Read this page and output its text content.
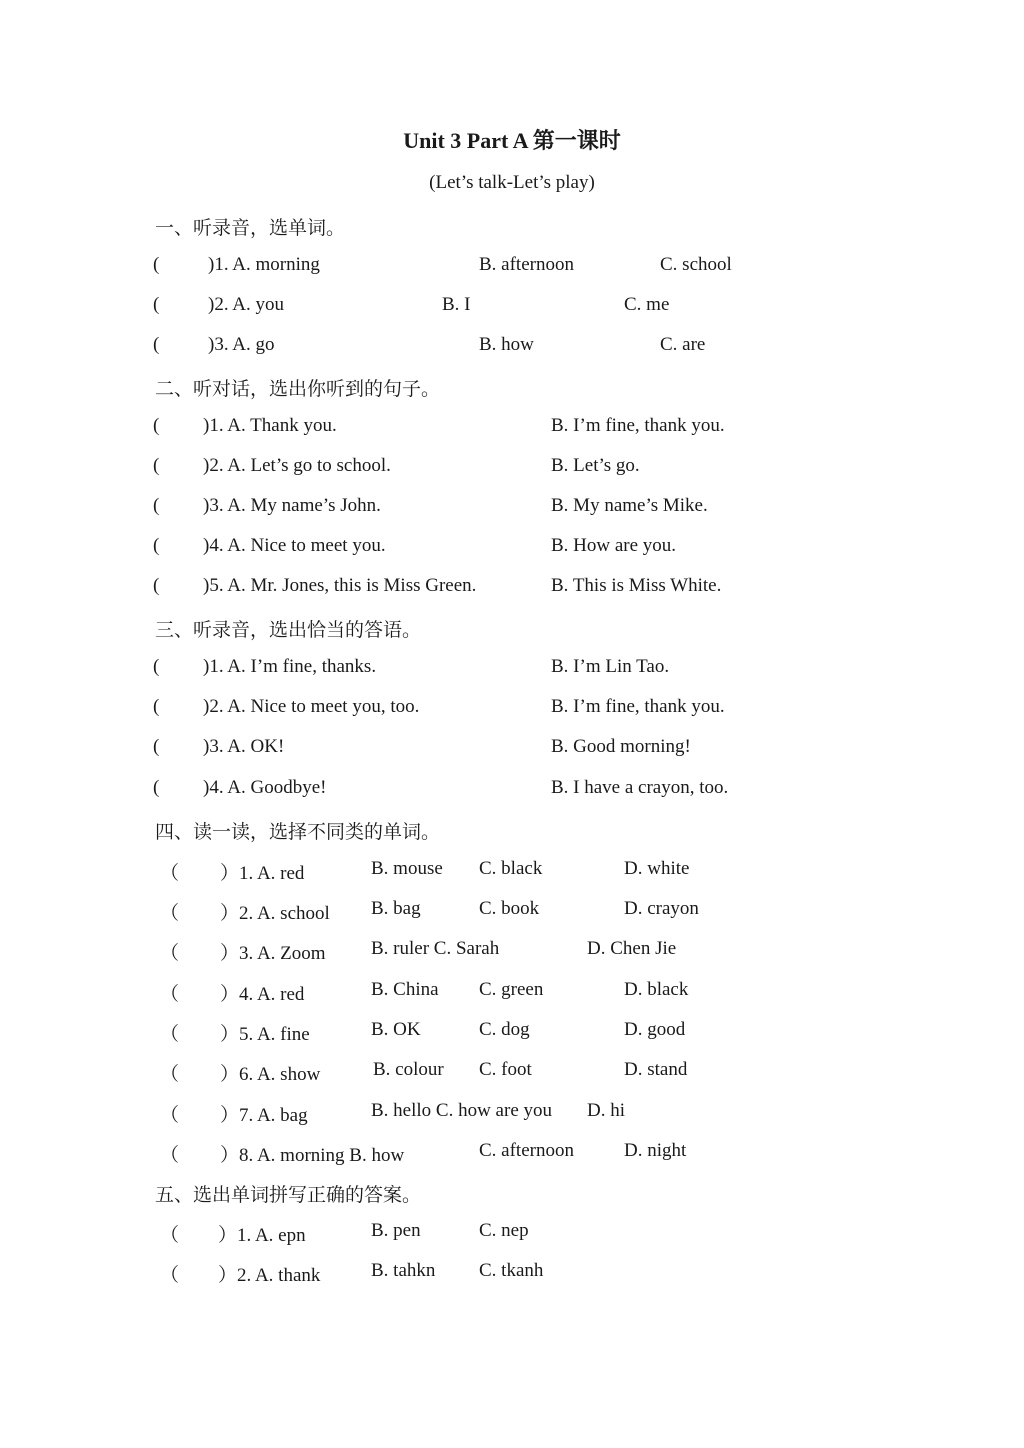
Unit 3 Part A 第一课时
(Let’s talk-Let’s play)
一、听录音，选单词。
(	)1. A. morning	B. afternoon	C. school
(	)2. A. you	B. I	C. me
(	)3. A. go	B. how	C. are
二、听对话，选出你听到的句子。
( )1. A. Thank you.	B. I’m fine, thank you.
( )2. A. Let’s go to school.	B. Let’s go.
( )3. A. My name’s John.	B. My name’s Mike.
( )4. A. Nice to meet you.	B. How are you.
( )5. A. Mr. Jones, this is Miss Green.	B. This is Miss White.
三、听录音，选出恰当的答语。
( )1. A. I’m fine, thanks.	B. I’m Lin Tao.
( )2. A. Nice to meet you, too.	B. I’m fine, thank you.
( )3. A. OK!	B. Good morning!
( )4. A. Goodbye!	B. I have a crayon, too.
四、读一读，选择不同类的单词。
（ ）1. A. red	B. mouse C. black	D. white
（ ）2. A. school B. bag	C. book	D. crayon
（ ）3. A. Zoom B. ruler C. Sarah	D. Chen Jie
（ ）4. A. red	B. China C. green	D. black
（ ）5. A. fine	B. OK	C. dog	D. good
（ ）6. A. show	B. colour C. foot	D. stand
（ ）7. A. bag	B. hello C. how are you D. hi
（ ）8. A. morning B. how	C. afternoon	D. night
五、选出单词拼写正确的答案。
（ ）1. A. epn	B. pen	C. nep
（ ）2. A. thank	B. tahkn C. tkanh
